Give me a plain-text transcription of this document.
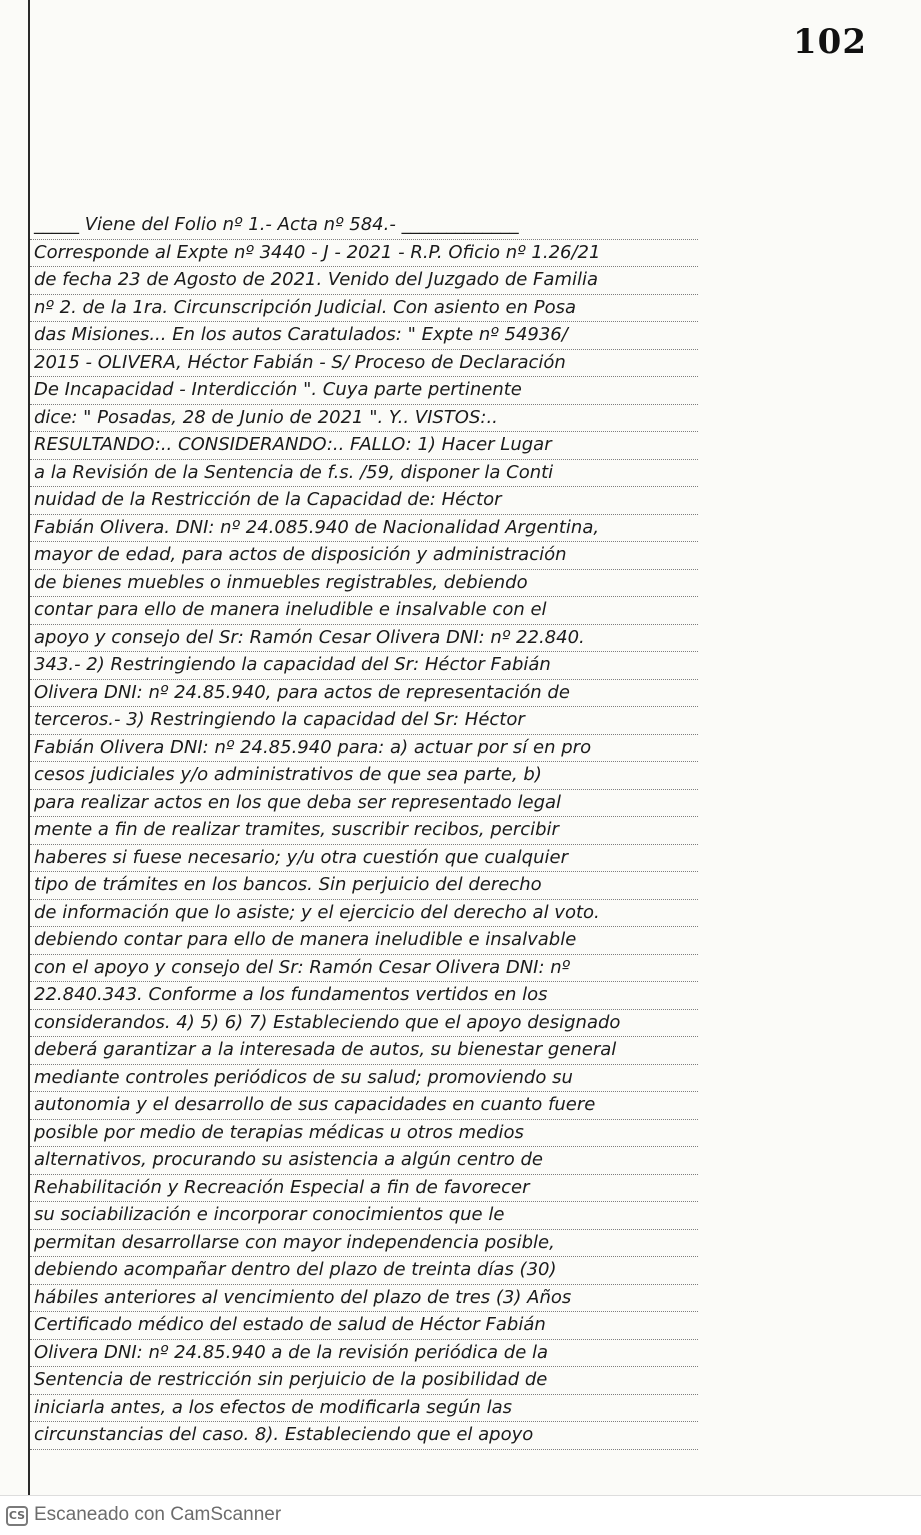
102
_____ Viene del Folio nº 1.- Acta nº 584.- _____________
Corresponde al Expte nº 3440 - J - 2021 - R.P. Oficio nº 1.26/21
de fecha 23 de Agosto de 2021. Venido del Juzgado de Familia
nº 2. de la 1ra. Circunscripción Judicial. Con asiento en Posa
das Misiones... En los autos Caratulados: " Expte nº 54936/
2015 - OLIVERA, Héctor Fabián - S/ Proceso de Declaración
De Incapacidad - Interdicción ". Cuya parte pertinente
dice: " Posadas, 28 de Junio de 2021 ". Y.. VISTOS:..
RESULTANDO:.. CONSIDERANDO:.. FALLO: 1) Hacer Lugar
a la Revisión de la Sentencia de f.s. /59, disponer la Conti
nuidad de la Restricción de la Capacidad de: Héctor
Fabián Olivera. DNI: nº 24.085.940 de Nacionalidad Argentina,
mayor de edad, para actos de disposición y administración
de bienes muebles o inmuebles registrables, debiendo
contar para ello de manera ineludible e insalvable con el
apoyo y consejo del Sr: Ramón Cesar Olivera DNI: nº 22.840.
343.- 2) Restringiendo la capacidad del Sr: Héctor Fabián
Olivera DNI: nº 24.85.940, para actos de representación de
terceros.- 3) Restringiendo la capacidad del Sr: Héctor
Fabián Olivera DNI: nº 24.85.940 para: a) actuar por sí en pro
cesos judiciales y/o administrativos de que sea parte, b)
para realizar actos en los que deba ser representado legal
mente a fin de realizar tramites, suscribir recibos, percibir
haberes si fuese necesario; y/u otra cuestión que cualquier
tipo de trámites en los bancos. Sin perjuicio del derecho
de información que lo asiste; y el ejercicio del derecho al voto.
debiendo contar para ello de manera ineludible e insalvable
con el apoyo y consejo del Sr: Ramón Cesar Olivera DNI: nº
22.840.343. Conforme a los fundamentos vertidos en los
considerandos. 4) 5) 6) 7) Estableciendo que el apoyo designado
deberá garantizar a la interesada de autos, su bienestar general
mediante controles periódicos de su salud; promoviendo su
autonomia y el desarrollo de sus capacidades en cuanto fuere
posible por medio de terapias médicas u otros medios
alternativos, procurando su asistencia a algún centro de
Rehabilitación y Recreación Especial a fin de favorecer
su sociabilización e incorporar conocimientos que le
permitan desarrollarse con mayor independencia posible,
debiendo acompañar dentro del plazo de treinta días (30)
hábiles anteriores al vencimiento del plazo de tres (3) Años
Certificado médico del estado de salud de Héctor Fabián
Olivera DNI: nº 24.85.940 a de la revisión periódica de la
Sentencia de restricción sin perjuicio de la posibilidad de
iniciarla antes, a los efectos de modificarla según las
circunstancias del caso. 8). Estableciendo que el apoyo
CS Escaneado con CamScanner
